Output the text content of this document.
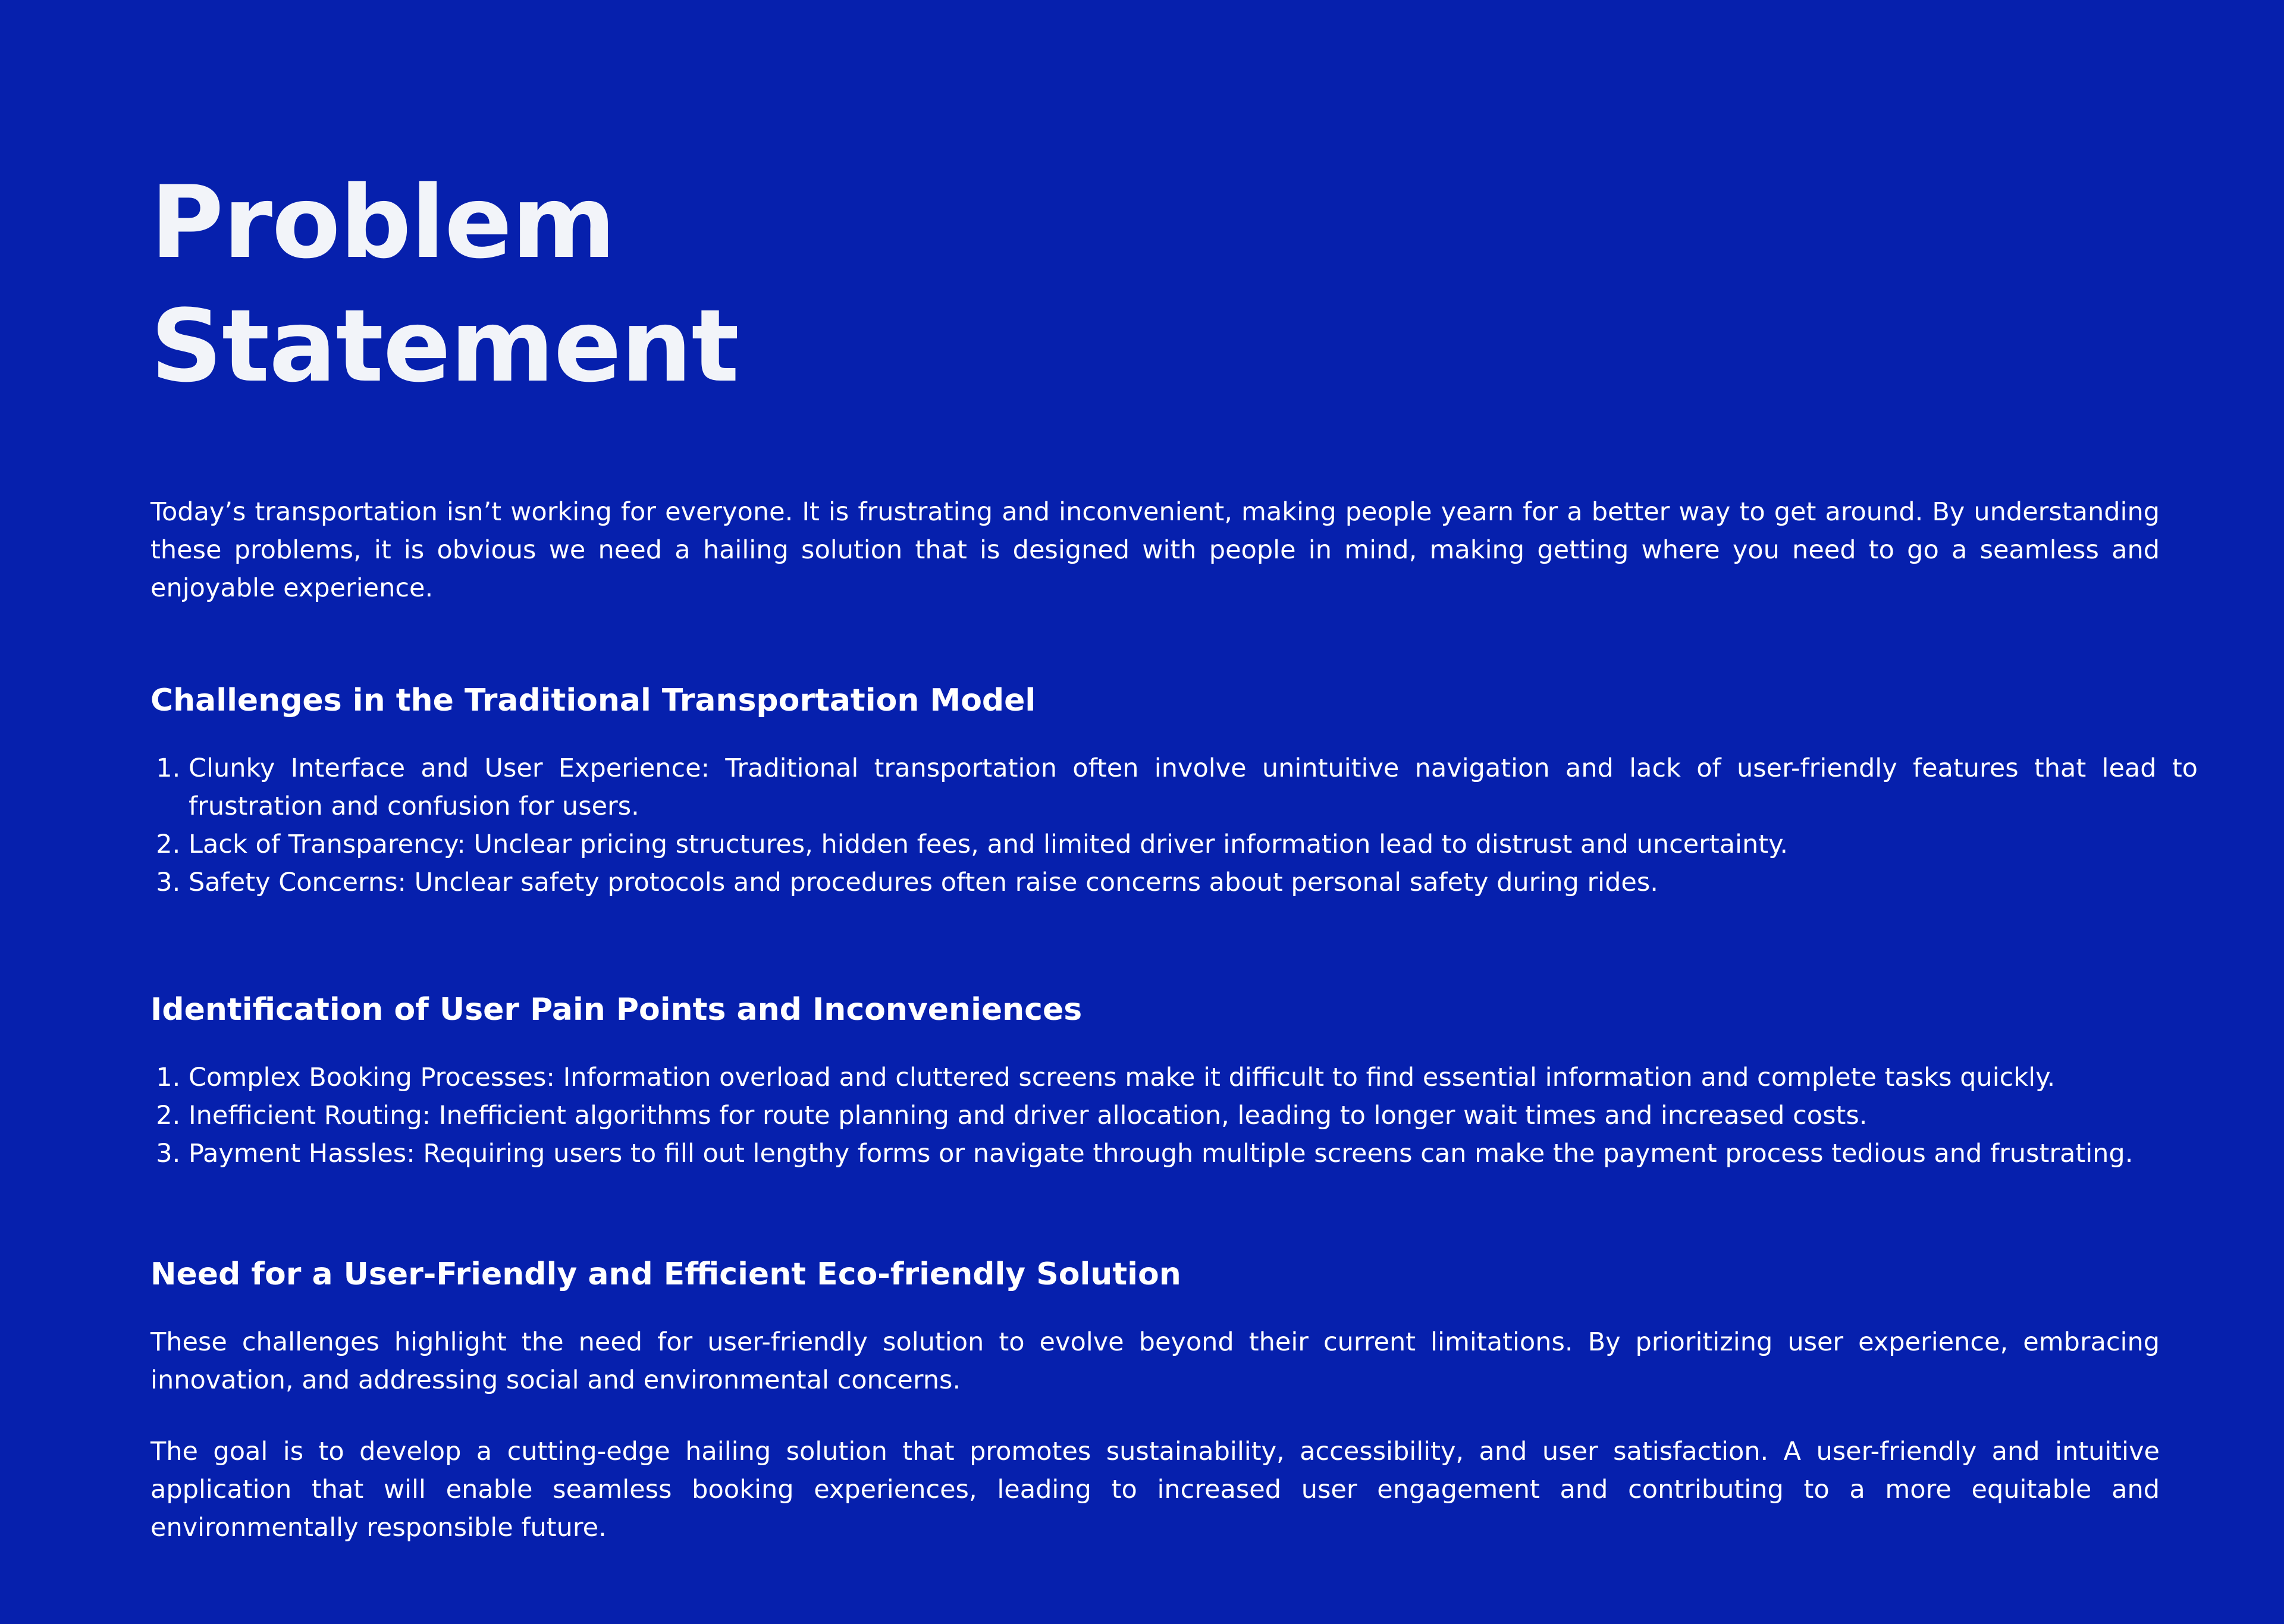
Problem
Statement

Today’s transportation isn’t working for everyone. It is frustrating and inconvenient, making people yearn for a better way to get around. By understanding these problems, it is obvious we need a hailing solution that is designed with people in mind, making getting where you need to go a seamless and enjoyable experience.

Challenges in the Traditional Transportation Model
1. Clunky Interface and User Experience: Traditional transportation often involve unintuitive navigation and lack of user-friendly features that lead to frustration and confusion for users.
2. Lack of Transparency: Unclear pricing structures, hidden fees, and limited driver information lead to distrust and uncertainty.
3. Safety Concerns: Unclear safety protocols and procedures often raise concerns about personal safety during rides.
Identification of User Pain Points and Inconveniences
1. Complex Booking Processes: Information overload and cluttered screens make it difficult to find essential information and complete tasks quickly.
2. Inefficient Routing: Inefficient algorithms for route planning and driver allocation, leading to longer wait times and increased costs.
3. Payment Hassles: Requiring users to fill out lengthy forms or navigate through multiple screens can make the payment process tedious and frustrating.
Need for a User-Friendly and Efficient Eco-friendly Solution

These challenges highlight the need for user-friendly solution to evolve beyond their current limitations. By prioritizing user experience, embracing innovation, and addressing social and environmental concerns.

The goal is to develop a cutting-edge hailing solution that promotes sustainability, accessibility, and user satisfaction. A user-friendly and intuitive application that will enable seamless booking experiences, leading to increased user engagement and contributing to a more equitable and environmentally responsible future.
